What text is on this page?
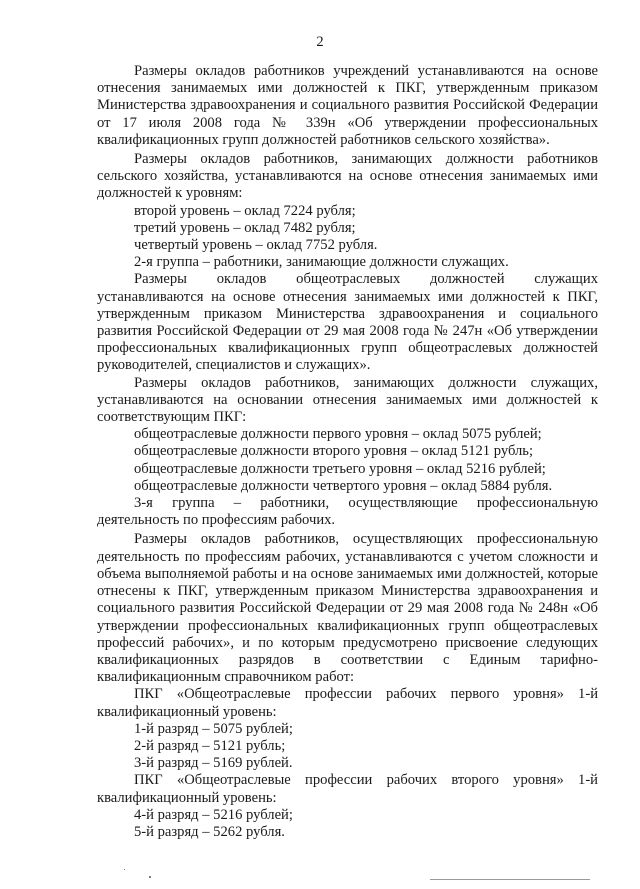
2

Размеры окладов работников учреждений устанавливаются на основе отнесения занимаемых ими должностей к ПКГ, утвержденным приказом Министерства здравоохранения и социального развития Российской Федерации от 17 июля 2008 года № 339н «Об утверждении профессиональных квалификационных групп должностей работников сельского хозяйства».

Размеры окладов работников, занимающих должности работников сельского хозяйства, устанавливаются на основе отнесения занимаемых ими должностей к уровням:

второй уровень – оклад 7224 рубля;

третий уровень – оклад 7482 рубля;

четвертый уровень – оклад 7752 рубля.

2-я группа – работники, занимающие должности служащих.

Размеры окладов общеотраслевых должностей служащих устанавливаются на основе отнесения занимаемых ими должностей к ПКГ, утвержденным приказом Министерства здравоохранения и социального развития Российской Федерации от 29 мая 2008 года № 247н «Об утверждении профессиональных квалификационных групп общеотраслевых должностей руководителей, специалистов и служащих».

Размеры окладов работников, занимающих должности служащих, устанавливаются на основании отнесения занимаемых ими должностей к соответствующим ПКГ:

общеотраслевые должности первого уровня – оклад 5075 рублей;

общеотраслевые должности второго уровня – оклад 5121 рубль;

общеотраслевые должности третьего уровня – оклад 5216 рублей;

общеотраслевые должности четвертого уровня – оклад 5884 рубля.

3-я группа – работники, осуществляющие профессиональную деятельность по профессиям рабочих.

Размеры окладов работников, осуществляющих профессиональную деятельность по профессиям рабочих, устанавливаются с учетом сложности и объема выполняемой работы и на основе занимаемых ими должностей, которые отнесены к ПКГ, утвержденным приказом Министерства здравоохранения и социального развития Российской Федерации от 29 мая 2008 года № 248н «Об утверждении профессиональных квалификационных групп общеотраслевых профессий рабочих», и по которым предусмотрено присвоение следующих квалификационных разрядов в соответствии с Единым тарифно-квалификационным справочником работ:

ПКГ «Общеотраслевые профессии рабочих первого уровня» 1-й квалификационный уровень:

1-й разряд – 5075 рублей;

2-й разряд – 5121 рубль;

3-й разряд – 5169 рублей.

ПКГ «Общеотраслевые профессии рабочих второго уровня» 1-й квалификационный уровень:

4-й разряд – 5216 рублей;

5-й разряд – 5262 рубля.
